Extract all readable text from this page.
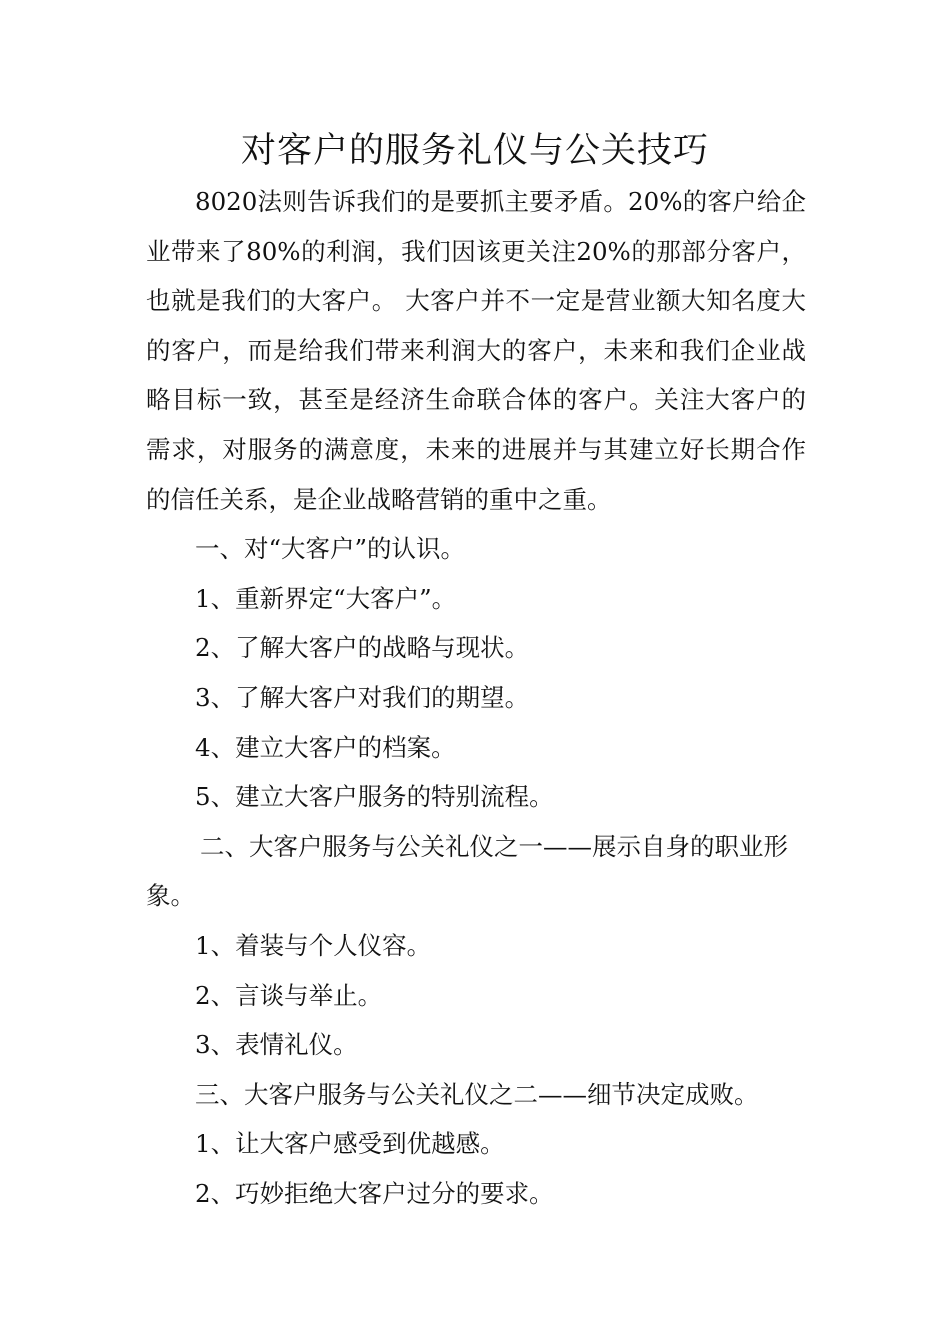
对客户的服务礼仪与公关技巧

8020法则告诉我们的是要抓主要矛盾。20%的客户给企业带来了80%的利润，我们因该更关注20%的那部分客户，也就是我们的大客户。 大客户并不一定是营业额大知名度大的客户，而是给我们带来利润大的客户，未来和我们企业战略目标一致，甚至是经济生命联合体的客户。关注大客户的需求，对服务的满意度，未来的进展并与其建立好长期合作的信任关系，是企业战略营销的重中之重。

一、对“大客户”的认识。

1、重新界定“大客户”。

2、了解大客户的战略与现状。

3、了解大客户对我们的期望。

4、建立大客户的档案。

5、建立大客户服务的特别流程。

二、大客户服务与公关礼仪之一——展示自身的职业形象。

1、着装与个人仪容。

2、言谈与举止。

3、表情礼仪。

三、大客户服务与公关礼仪之二——细节决定成败。

1、让大客户感受到优越感。

2、巧妙拒绝大客户过分的要求。
